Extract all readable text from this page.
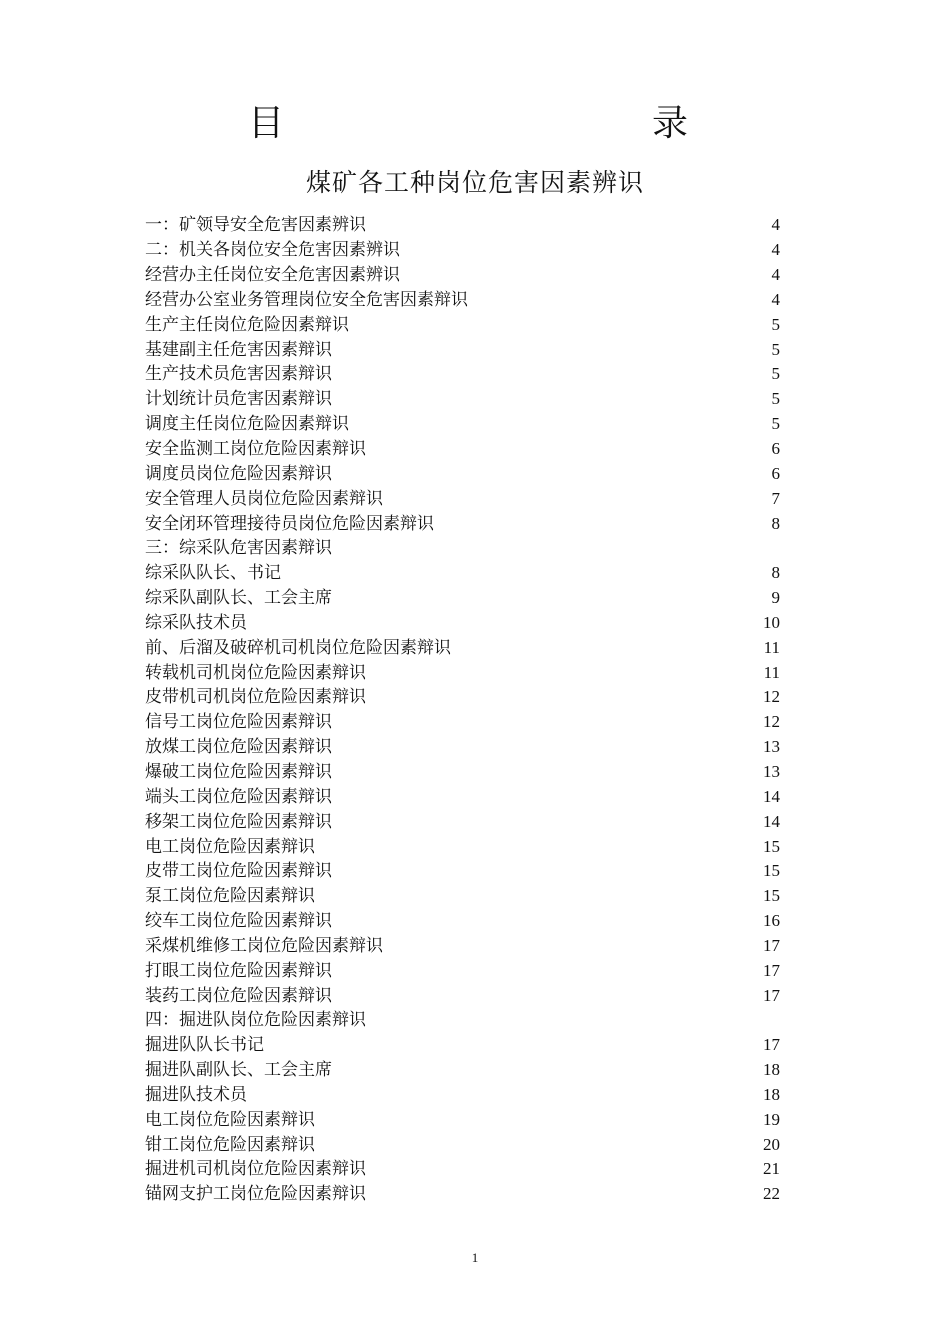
目	录
煤矿各工种岗位危害因素辨识
一：矿领导安全危害因素辨识	4
二：机关各岗位安全危害因素辨识	4
经营办主任岗位安全危害因素辨识	4
经营办公室业务管理岗位安全危害因素辩识	4
生产主任岗位危险因素辩识	5
基建副主任危害因素辩识	5
生产技术员危害因素辩识	5
计划统计员危害因素辩识	5
调度主任岗位危险因素辩识	5
安全监测工岗位危险因素辩识	6
调度员岗位危险因素辩识	6
安全管理人员岗位危险因素辩识	7
安全闭环管理接待员岗位危险因素辩识	8
三：综采队危害因素辩识
综采队队长、书记	8
综采队副队长、工会主席	9
综采队技术员	10
前、后溜及破碎机司机岗位危险因素辩识	11
转载机司机岗位危险因素辩识	11
皮带机司机岗位危险因素辩识	12
信号工岗位危险因素辩识	12
放煤工岗位危险因素辩识	13
爆破工岗位危险因素辩识	13
端头工岗位危险因素辩识	14
移架工岗位危险因素辩识	14
电工岗位危险因素辩识	15
皮带工岗位危险因素辩识	15
泵工岗位危险因素辩识	15
绞车工岗位危险因素辩识	16
采煤机维修工岗位危险因素辩识	17
打眼工岗位危险因素辩识	17
装药工岗位危险因素辩识	17
四：掘进队岗位危险因素辩识
掘进队队长书记	17
掘进队副队长、工会主席	18
掘进队技术员	18
电工岗位危险因素辩识	19
钳工岗位危险因素辩识	20
掘进机司机岗位危险因素辩识	21
锚网支护工岗位危险因素辩识	22
1
